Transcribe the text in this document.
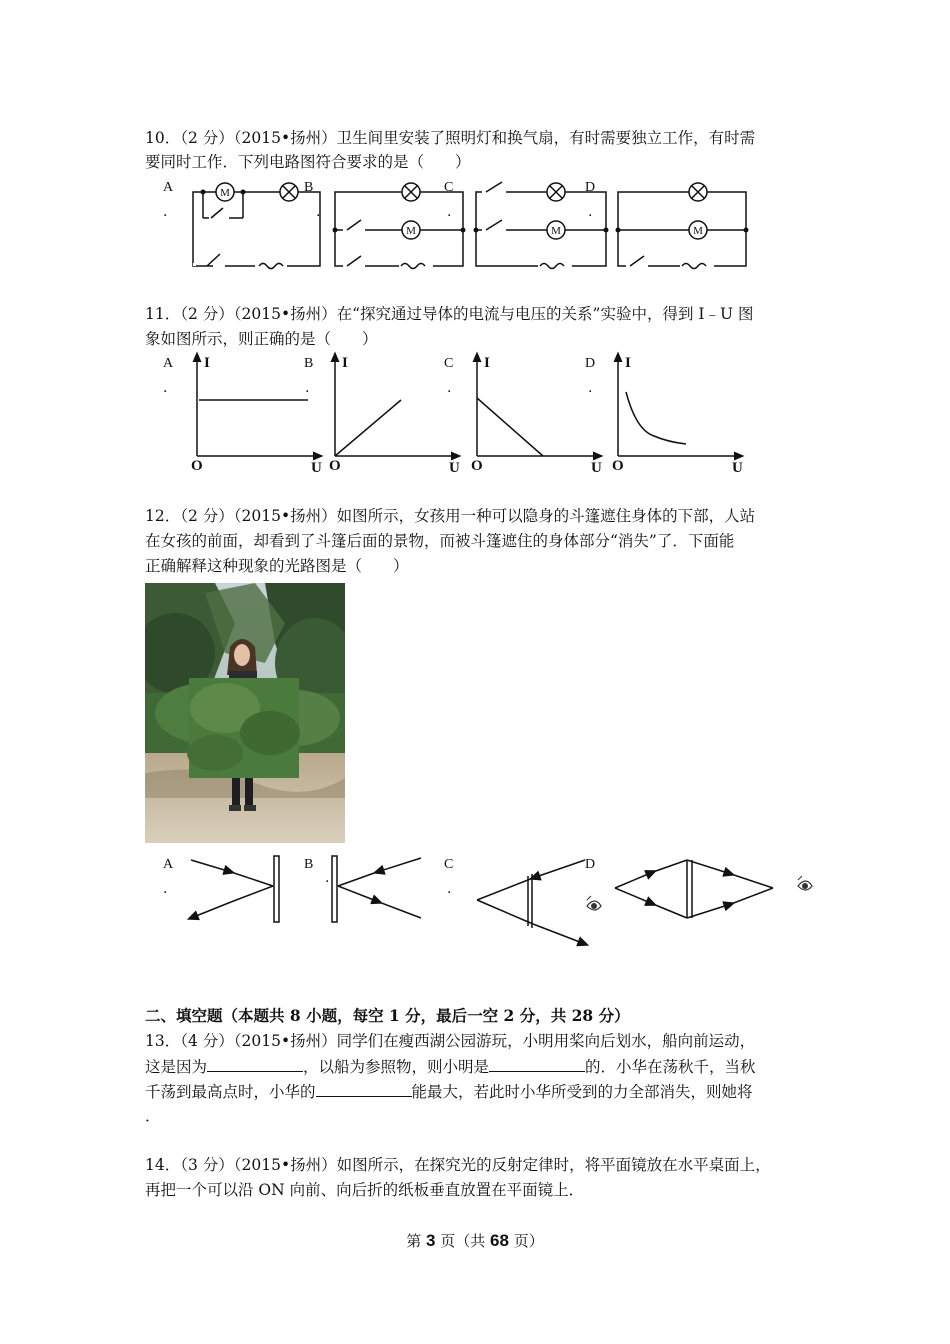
10．（2 分）（2015•扬州）卫生间里安装了照明灯和换气扇，有时需要独立工作，有时需
要同时工作．下列电路图符合要求的是（　　）
A
.
B
.
C
.
D
.
M
M	M	M
11．（2 分）（2015•扬州）在“探究通过导体的电流与电压的关系”实验中，得到 I﹣U 图
象如图所示，则正确的是（　　）
A
.
B
.
C
.
D
.
I
O	U
I
O	U
I
O	U
I
O	U
12．（2 分）（2015•扬州）如图所示，女孩用一种可以隐身的斗篷遮住身体的下部，人站
在女孩的前面，却看到了斗篷后面的景物，而被斗篷遮住的身体部分“消失”了．下面能
正确解释这种现象的光路图是（　　）
A
.
B
.
C
.
D
二、填空题（本题共 8 小题，每空 1 分，最后一空 2 分，共 28 分）
13．（4 分）（2015•扬州）同学们在瘦西湖公园游玩，小明用桨向后划水，船向前运动，
这是因为	，以船为参照物，则小明是	的．小华在荡秋千，当秋
千荡到最高点时，小华的	能最大，若此时小华所受到的力全部消失，则她将
．
14．（3 分）（2015•扬州）如图所示，在探究光的反射定律时，将平面镜放在水平桌面上，
再把一个可以沿 ON 向前、向后折的纸板垂直放置在平面镜上．
第 3 页（共 68 页）
